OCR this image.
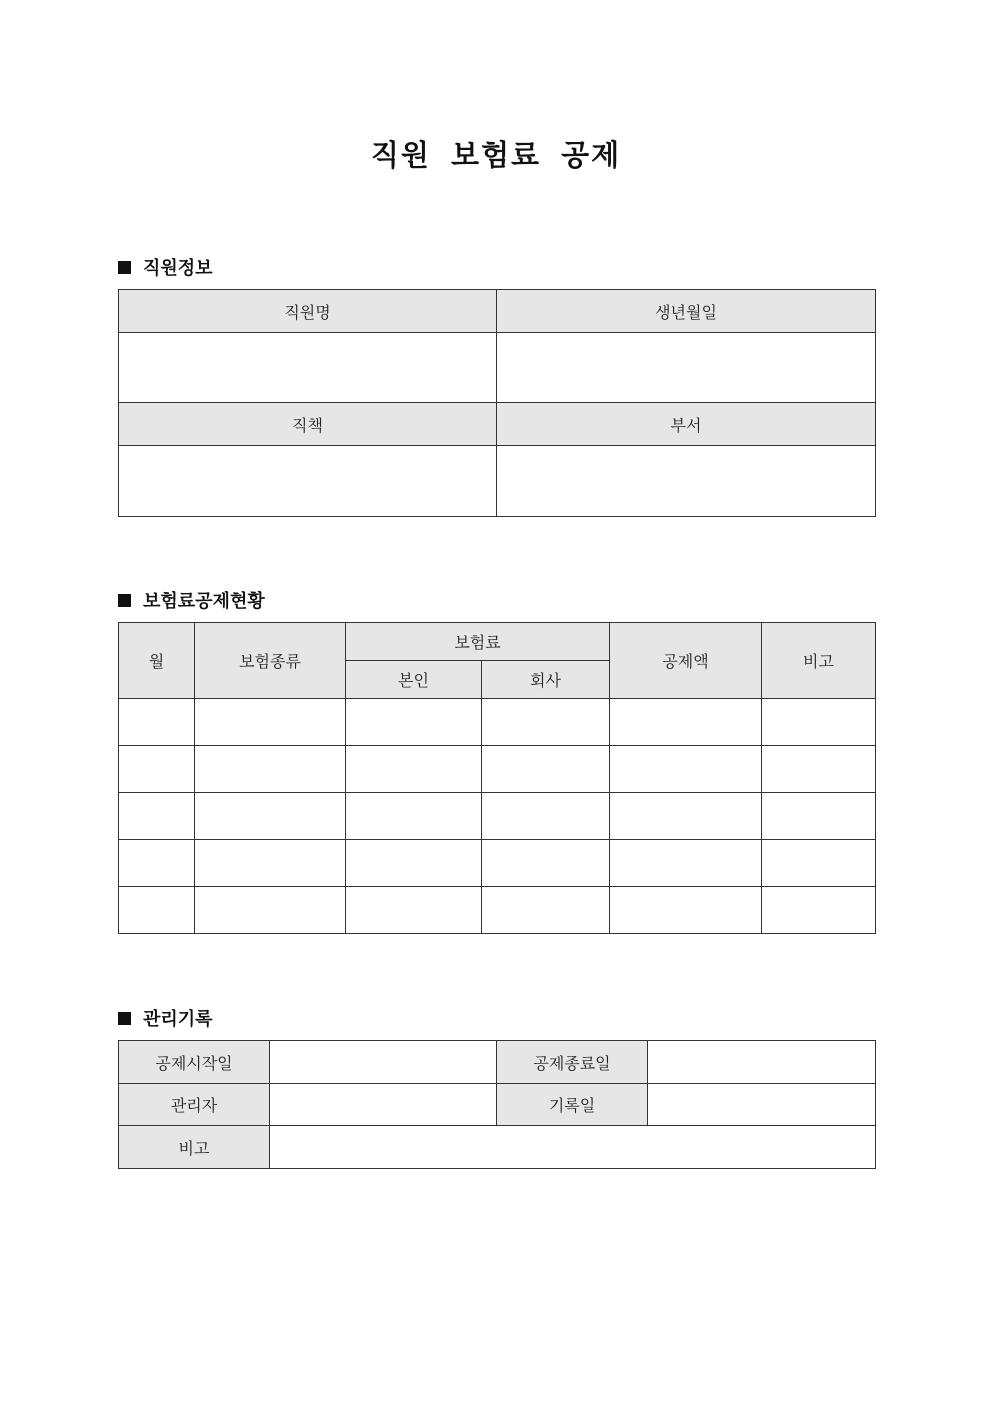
직원 보험료 공제
직원정보
직원명	생년월일

직책	부서

보험료공제현황
월	보험종류	보험료		공제액	비고
		본인	회사		

관리기록
공제시작일		공제종료일	
관리자		기록일	
비고			
